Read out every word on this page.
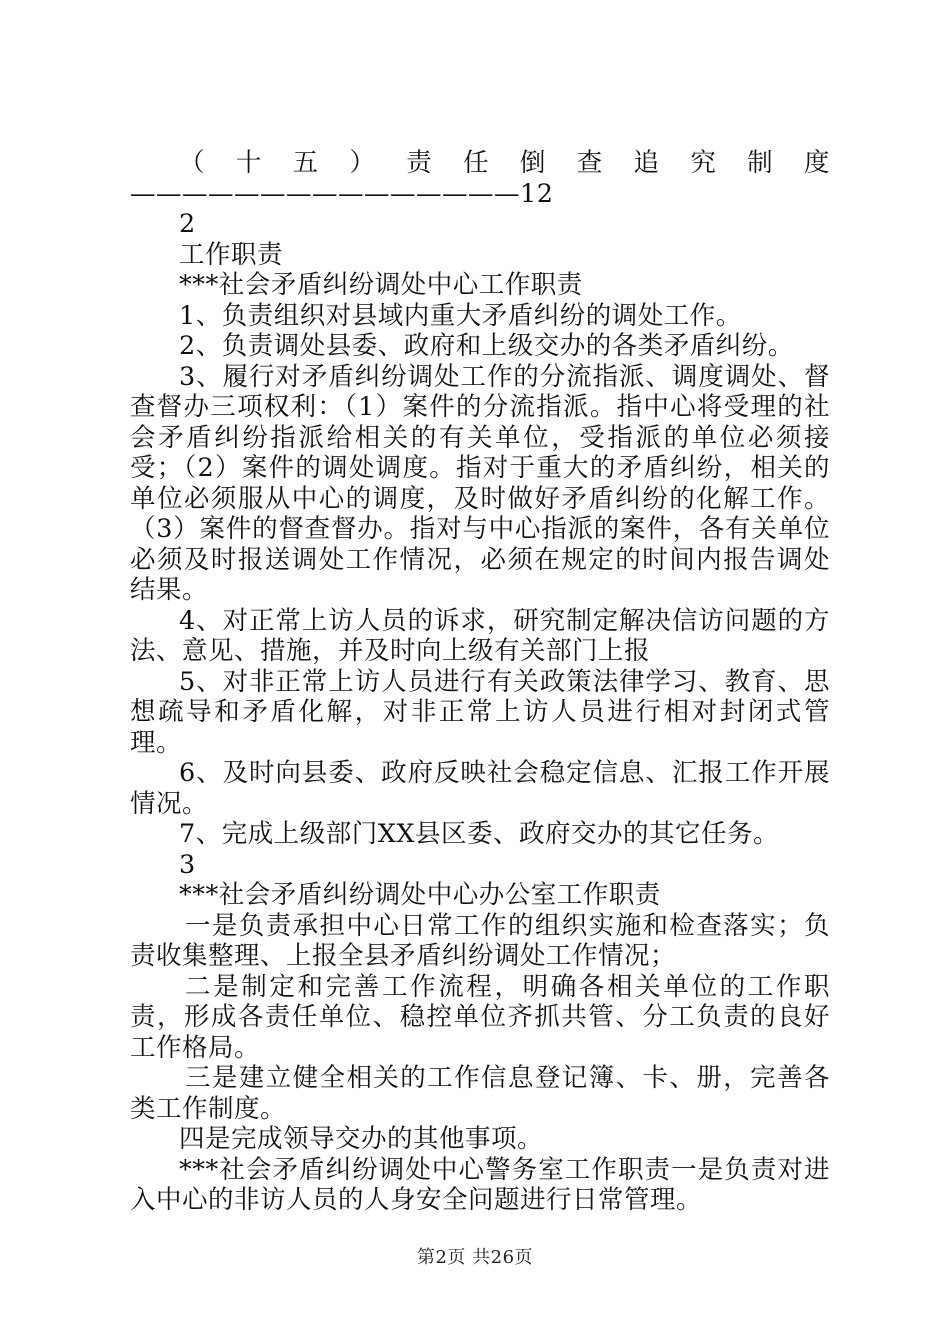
（十五）责任倒查追究制度———————————————12

2

工作职责

***社会矛盾纠纷调处中心工作职责

1、负责组织对县域内重大矛盾纠纷的调处工作。

2、负责调处县委、政府和上级交办的各类矛盾纠纷。

3、履行对矛盾纠纷调处工作的分流指派、调度调处、督查督办三项权利：（1）案件的分流指派。指中心将受理的社会矛盾纠纷指派给相关的有关单位，受指派的单位必须接受；（2）案件的调处调度。指对于重大的矛盾纠纷，相关的单位必须服从中心的调度，及时做好矛盾纠纷的化解工作。（3）案件的督查督办。指对与中心指派的案件，各有关单位必须及时报送调处工作情况，必须在规定的时间内报告调处结果。

4、对正常上访人员的诉求，研究制定解决信访问题的方法、意见、措施，并及时向上级有关部门上报

5、对非正常上访人员进行有关政策法律学习、教育、思想疏导和矛盾化解，对非正常上访人员进行相对封闭式管理。

6、及时向县委、政府反映社会稳定信息、汇报工作开展情况。

7、完成上级部门XX县区委、政府交办的其它任务。

3

***社会矛盾纠纷调处中心办公室工作职责

一是负责承担中心日常工作的组织实施和检查落实；负责收集整理、上报全县矛盾纠纷调处工作情况；

二是制定和完善工作流程，明确各相关单位的工作职责，形成各责任单位、稳控单位齐抓共管、分工负责的良好工作格局。

三是建立健全相关的工作信息登记簿、卡、册，完善各类工作制度。

四是完成领导交办的其他事项。

***社会矛盾纠纷调处中心警务室工作职责一是负责对进入中心的非访人员的人身安全问题进行日常管理。

第2页 共26页
